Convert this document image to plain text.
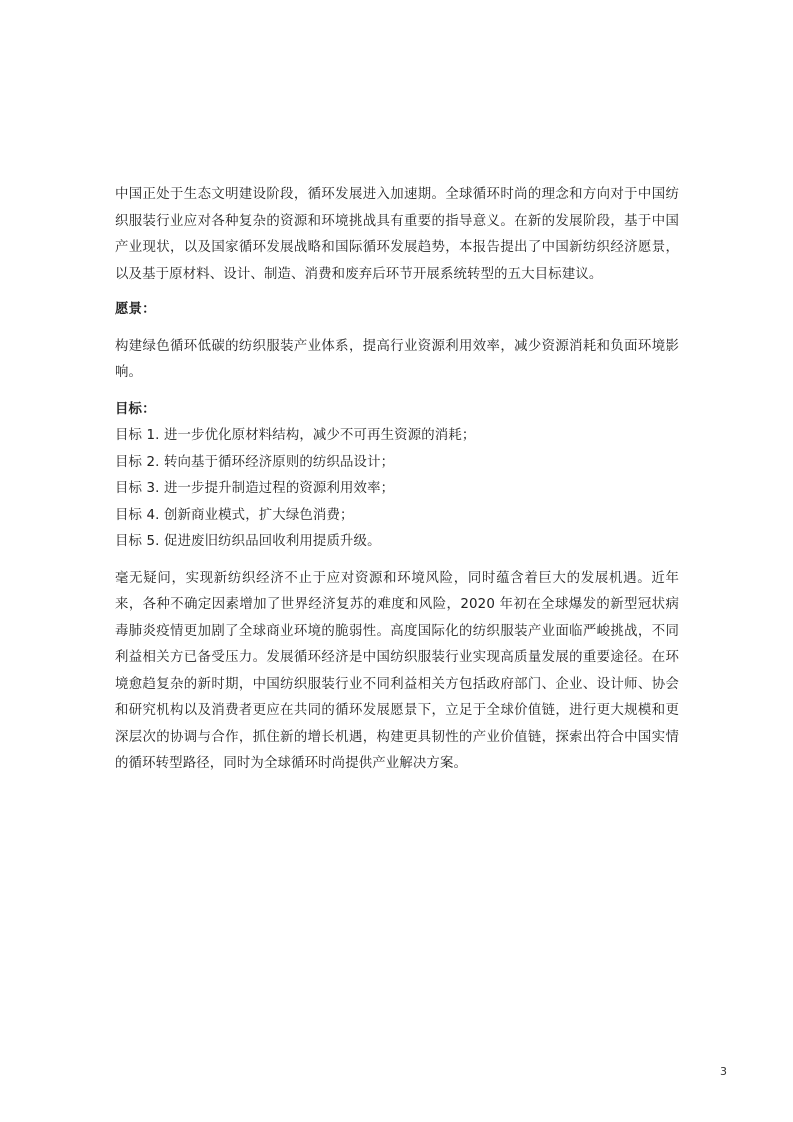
中国正处于生态文明建设阶段，循环发展进入加速期。全球循环时尚的理念和方向对于中国纺织服装行业应对各种复杂的资源和环境挑战具有重要的指导意义。在新的发展阶段，基于中国产业现状，以及国家循环发展战略和国际循环发展趋势，本报告提出了中国新纺织经济愿景，以及基于原材料、设计、制造、消费和废弃后环节开展系统转型的五大目标建议。

愿景：

构建绿色循环低碳的纺织服装产业体系，提高行业资源利用效率，减少资源消耗和负面环境影响。

目标：

目标 1. 进一步优化原材料结构，减少不可再生资源的消耗；
目标 2. 转向基于循环经济原则的纺织品设计；
目标 3. 进一步提升制造过程的资源利用效率；
目标 4. 创新商业模式，扩大绿色消费；
目标 5. 促进废旧纺织品回收利用提质升级。

毫无疑问，实现新纺织经济不止于应对资源和环境风险，同时蕴含着巨大的发展机遇。近年来，各种不确定因素增加了世界经济复苏的难度和风险，2020 年初在全球爆发的新型冠状病毒肺炎疫情更加剧了全球商业环境的脆弱性。高度国际化的纺织服装产业面临严峻挑战，不同利益相关方已备受压力。发展循环经济是中国纺织服装行业实现高质量发展的重要途径。在环境愈趋复杂的新时期，中国纺织服装行业不同利益相关方包括政府部门、企业、设计师、协会和研究机构以及消费者更应在共同的循环发展愿景下，立足于全球价值链，进行更大规模和更深层次的协调与合作，抓住新的增长机遇，构建更具韧性的产业价值链，探索出符合中国实情的循环转型路径，同时为全球循环时尚提供产业解决方案。

3
